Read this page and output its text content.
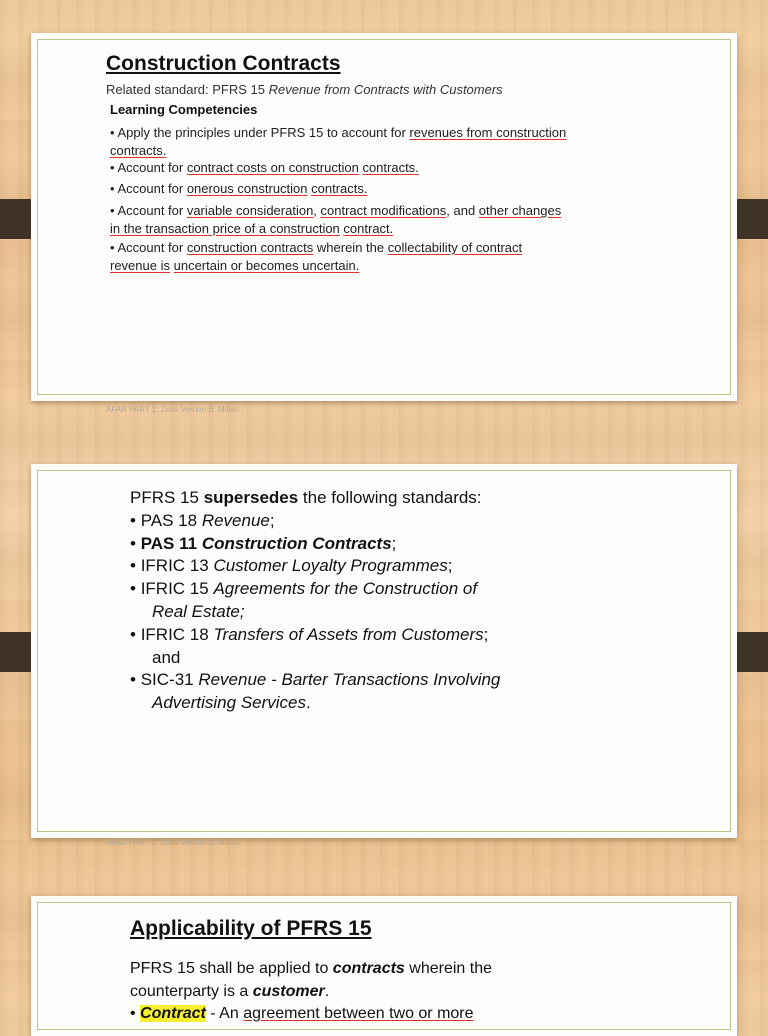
Construction Contracts
Related standard: PFRS 15 Revenue from Contracts with Customers
Learning Competencies
• Apply the principles under PFRS 15 to account for revenues from construction
contracts.
• Account for contract costs on construction contracts.
• Account for onerous construction contracts.
• Account for variable consideration, contract modifications, and other changes
in the transaction price of a construction contract.
• Account for construction contracts wherein the collectability of contract
revenue is uncertain or becomes uncertain.
AFAR PART 1: Zeus Vernon B. Millan
PFRS 15 supersedes the following standards:
• PAS 18 Revenue;
• PAS 11 Construction Contracts;
• IFRIC 13 Customer Loyalty Programmes;
• IFRIC 15 Agreements for the Construction of
Real Estate;
• IFRIC 18 Transfers of Assets from Customers;
and
• SIC-31 Revenue - Barter Transactions Involving
Advertising Services.
AFAR PART 1: Zeus Vernon B. Millan
Applicability of PFRS 15
PFRS 15 shall be applied to contracts wherein the
counterparty is a customer.
• Contract - An agreement between two or more
